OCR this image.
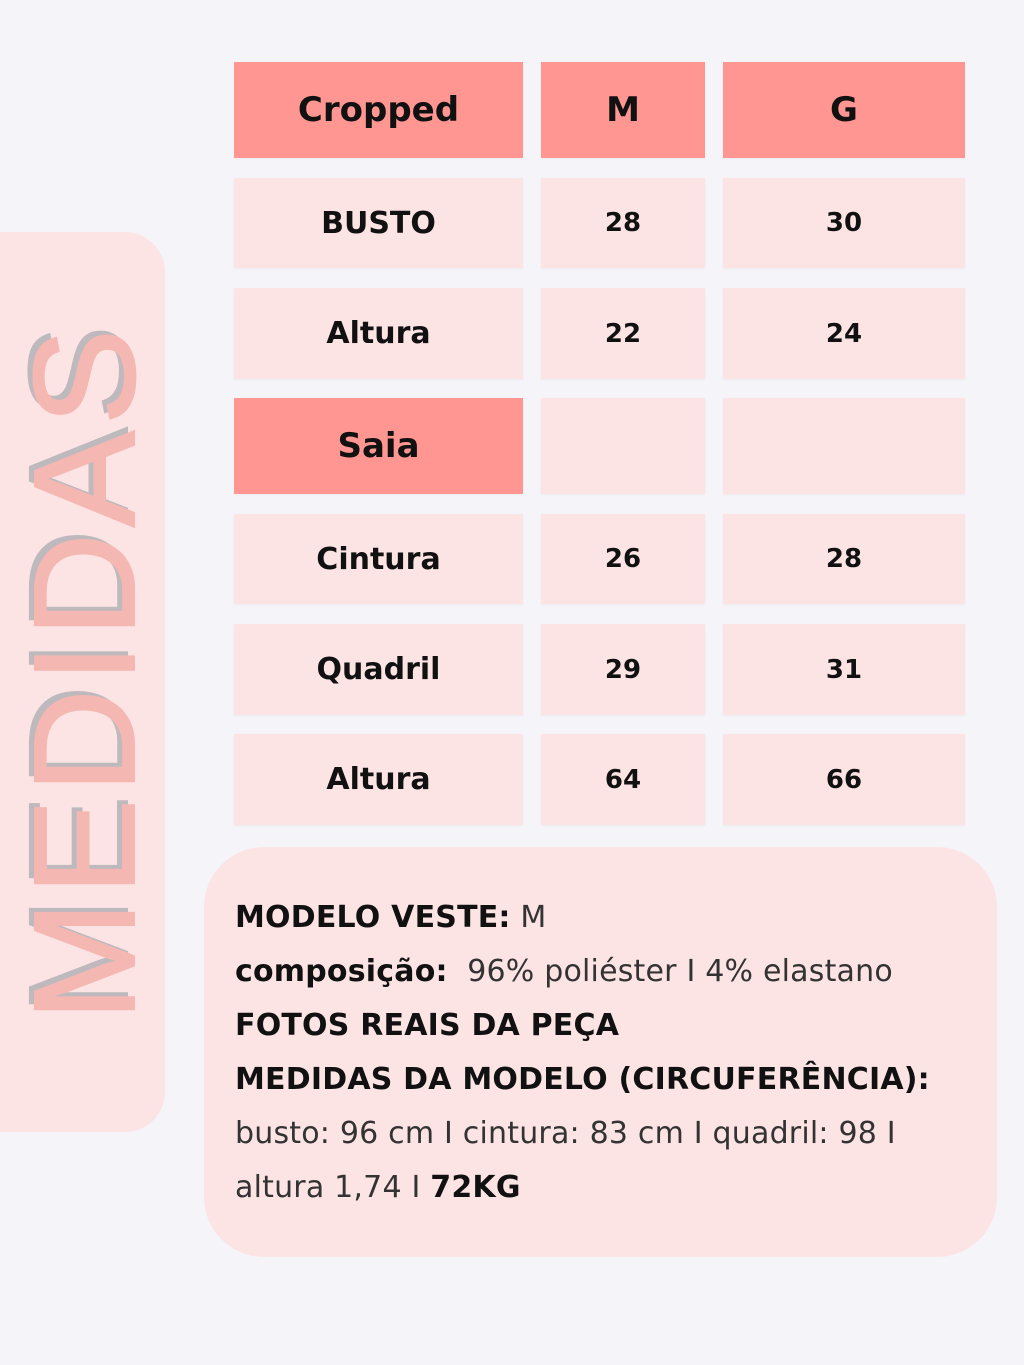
MEDIDAS
Cropped	M	G
BUSTO	28	30
Altura	22	24
Saia
Cintura	26	28
Quadril	29	31
Altura	64	66
MODELO VESTE: M
composição:  96% poliéster I 4% elastano
FOTOS REAIS DA PEÇA
MEDIDAS DA MODELO (CIRCUFERÊNCIA):
busto: 96 cm I cintura: 83 cm I quadril: 98 I
altura 1,74 I 72KG
